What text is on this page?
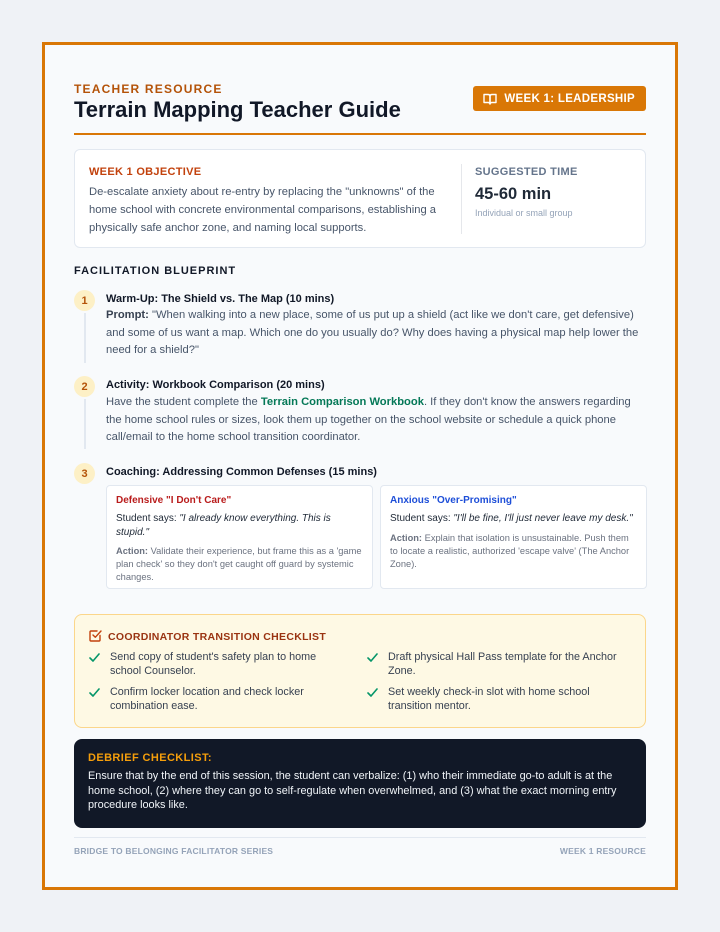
TEACHER RESOURCE
Terrain Mapping Teacher Guide	WEEK 1: LEADERSHIP
WEEK 1 OBJECTIVE

De-escalate anxiety about re-entry by replacing the "unknowns" of the home school with concrete environmental comparisons, establishing a physically safe anchor zone, and naming local supports.

SUGGESTED TIME
45-60 min
Individual or small group
FACILITATION BLUEPRINT
1	Warm-Up: The Shield vs. The Map (10 mins)

Prompt: "When walking into a new place, some of us put up a shield (act like we don't care, get defensive) and some of us want a map. Which one do you usually do? Why does having a physical map help lower the need for a shield?"

2	Activity: Workbook Comparison (20 mins)

Have the student complete the Terrain Comparison Workbook. If they don't know the answers regarding the home school rules or sizes, look them up together on the school website or schedule a quick phone call/email to the home school transition coordinator.

3	Coaching: Addressing Common Defenses (15 mins)
Defensive "I Don't Care"
Student says: "I already know everything. This is stupid."
Action: Validate their experience, but frame this as a 'game plan check' so they don't get caught off guard by systemic changes.
Anxious "Over-Promising"
Student says: "I'll be fine, I'll just never leave my desk."
Action: Explain that isolation is unsustainable. Push them to locate a realistic, authorized 'escape valve' (The Anchor Zone).
COORDINATOR TRANSITION CHECKLIST
Send copy of student's safety plan to home school Counselor.
Draft physical Hall Pass template for the Anchor Zone.
Confirm locker location and check locker combination ease.
Set weekly check-in slot with home school transition mentor.
DEBRIEF CHECKLIST:

Ensure that by the end of this session, the student can verbalize: (1) who their immediate go-to adult is at the home school, (2) where they can go to self-regulate when overwhelmed, and (3) what the exact morning entry procedure looks like.

BRIDGE TO BELONGING FACILITATOR SERIES	WEEK 1 RESOURCE
